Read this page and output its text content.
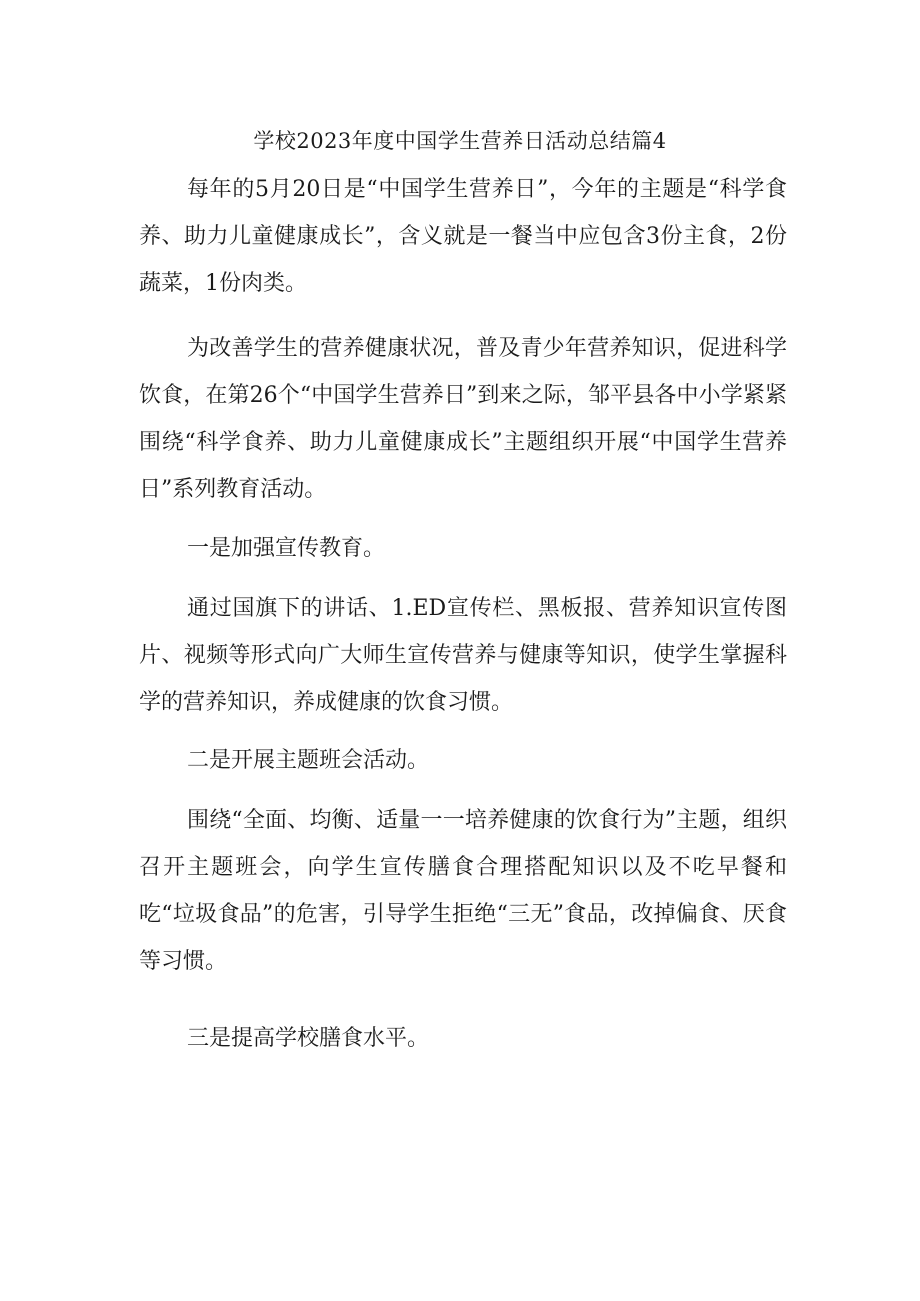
学校2023年度中国学生营养日活动总结篇4

每年的5月20日是“中国学生营养日”，今年的主题是“科学食养、助力儿童健康成长”，含义就是一餐当中应包含3份主食，2份蔬菜，1份肉类。

为改善学生的营养健康状况，普及青少年营养知识，促进科学饮食，在第26个“中国学生营养日”到来之际，邹平县各中小学紧紧围绕“科学食养、助力儿童健康成长”主题组织开展“中国学生营养日”系列教育活动。

一是加强宣传教育。

通过国旗下的讲话、1.ED宣传栏、黑板报、营养知识宣传图片、视频等形式向广大师生宣传营养与健康等知识，使学生掌握科学的营养知识，养成健康的饮食习惯。

二是开展主题班会活动。

围绕“全面、均衡、适量一一培养健康的饮食行为”主题，组织召开主题班会，向学生宣传膳食合理搭配知识以及不吃早餐和吃“垃圾食品”的危害，引导学生拒绝“三无”食品，改掉偏食、厌食等习惯。

三是提高学校膳食水平。
